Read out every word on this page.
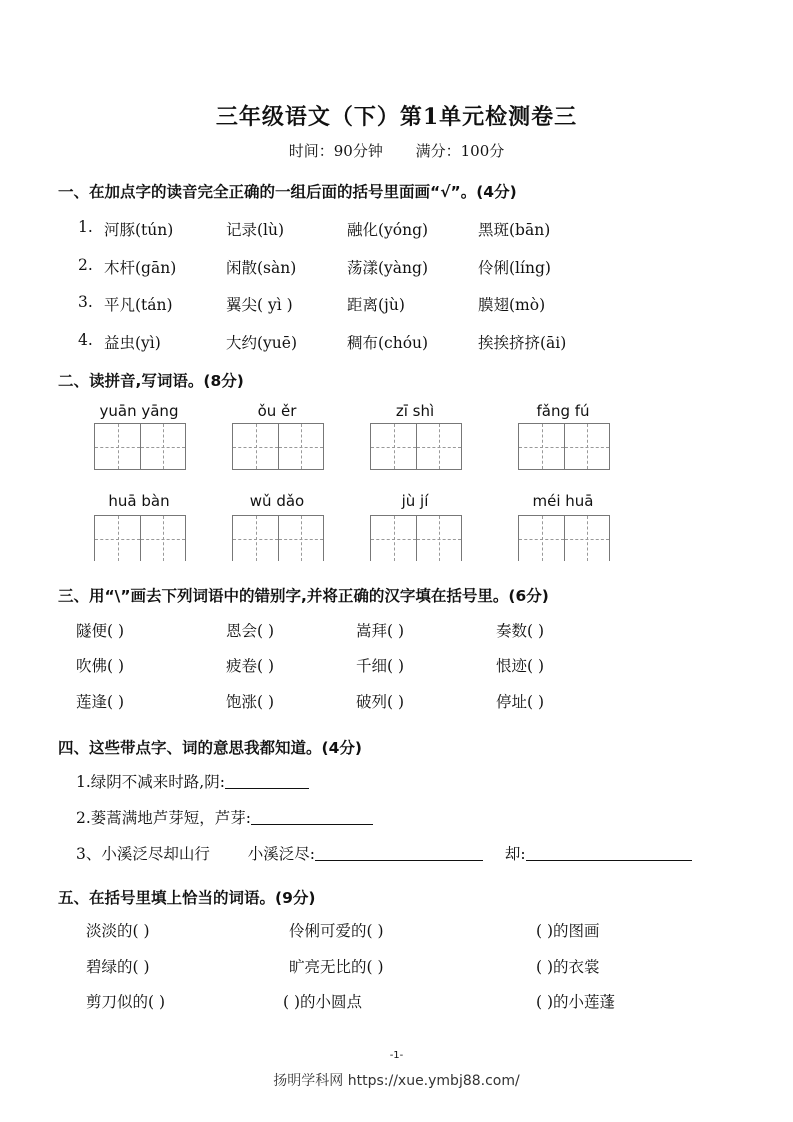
三年级语文（下）第1单元检测卷三
时间：90分钟 满分：100分
一、在加点字的读音完全正确的一组后面的括号里面画“√”。(4分)
1. 河豚(tún)	记录(lù)	融化(yóng)	黑斑(bān)
2. 木杆(gān)	闲散(sàn)	荡漾(yàng)	伶俐(líng)
3. 平凡(tán)	翼尖( yì )	距离(jù)	膜翅(mò)
4. 益虫(yì)	大约(yuē)	稠布(chóu)	挨挨挤挤(āi)
二、读拼音,写词语。(8分)
yuān yāng	ǒu ěr	zī shì	fǎng fú
huā bàn	wǔ dǎo	jù jí	méi huā
三、用“\”画去下列词语中的错别字,并将正确的汉字填在括号里。(6分)
隧便( )	恩会( )	嵩拜( )	奏数( )
吹佛( )	疲卷( )	千细( )	恨迹( )
莲逢( )	饱涨( )	破列( )	停址( )
四、这些带点字、词的意思我都知道。(4分)
1.绿阴不减来时路,阴:
2.蒌蒿满地芦芽短，芦芽:
3、小溪泛尽却山行 小溪泛尽:	却:
五、在括号里填上恰当的词语。(9分)
淡淡的( )	伶俐可爱的( )	( )的图画
碧绿的( )	旷亮无比的( )	( )的衣裳
剪刀似的( )	( )的小圆点	( )的小莲蓬
-1-
扬明学科网 https://xue.ymbj88.com/
